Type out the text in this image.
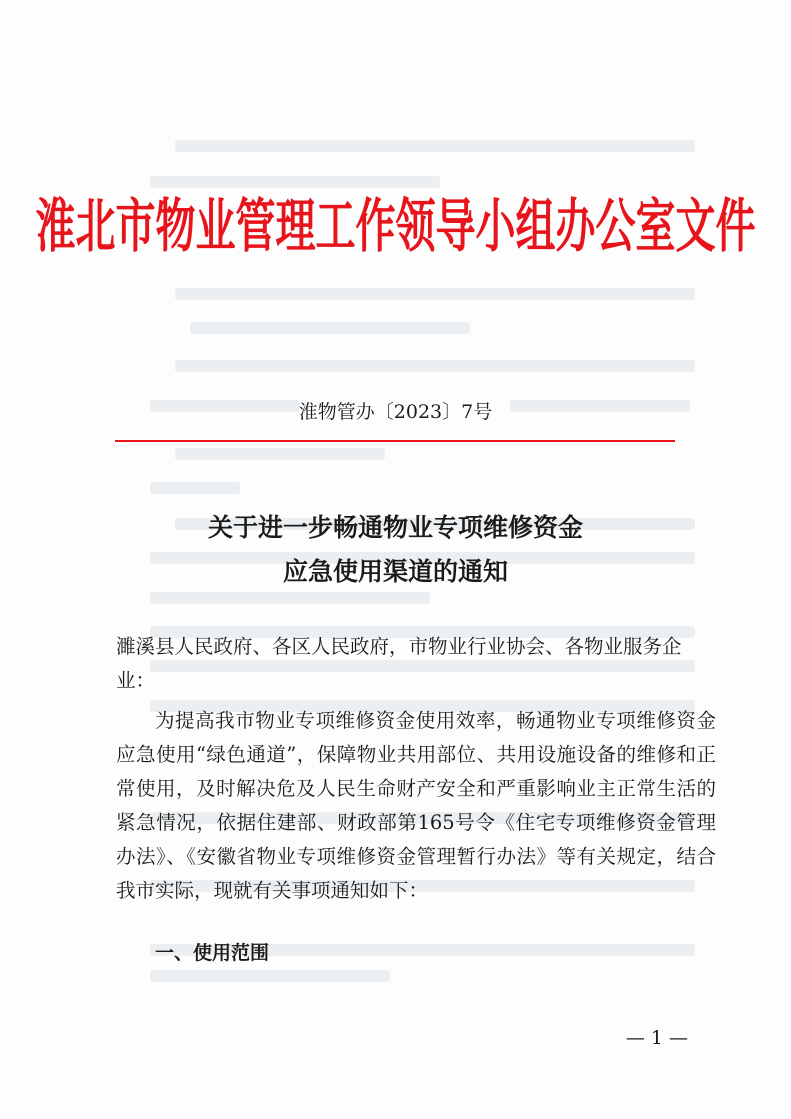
淮北市物业管理工作领导小组办公室文件
淮物管办〔2023〕7号
关于进一步畅通物业专项维修资金
应急使用渠道的通知
濉溪县人民政府、各区人民政府，市物业行业协会、各物业服务企业：
为提高我市物业专项维修资金使用效率，畅通物业专项维修资金应急使用“绿色通道”，保障物业共用部位、共用设施设备的维修和正常使用，及时解决危及人民生命财产安全和严重影响业主正常生活的紧急情况，依据住建部、财政部第165号令《住宅专项维修资金管理办法》、《安徽省物业专项维修资金管理暂行办法》等有关规定，结合我市实际，现就有关事项通知如下：
一、使用范围
— 1 —
